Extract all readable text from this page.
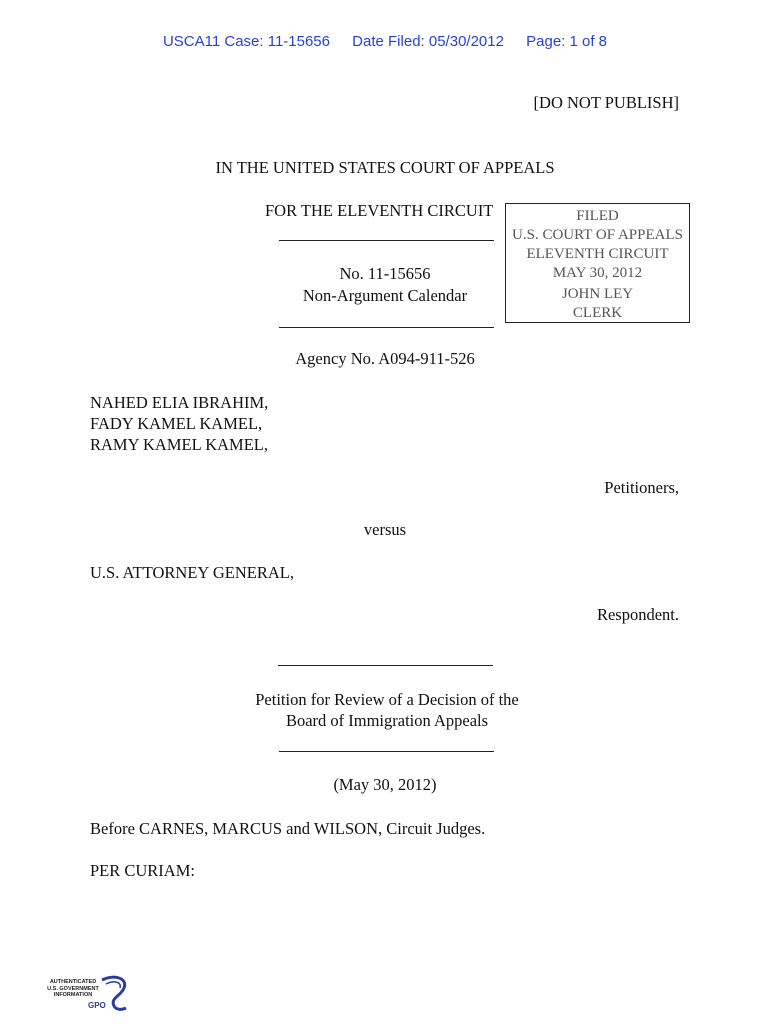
USCA11 Case: 11-15656 Date Filed: 05/30/2012 Page: 1 of 8
[DO NOT PUBLISH]
IN THE UNITED STATES COURT OF APPEALS
FOR THE ELEVENTH CIRCUIT
No. 11-15656
Non-Argument Calendar
FILED
U.S. COURT OF APPEALS
ELEVENTH CIRCUIT
MAY 30, 2012
JOHN LEY
CLERK
Agency No. A094-911-526
NAHED ELIA IBRAHIM,
FADY KAMEL KAMEL,
RAMY KAMEL KAMEL,
Petitioners,
versus
U.S. ATTORNEY GENERAL,
Respondent.
Petition for Review of a Decision of the
Board of Immigration Appeals
(May 30, 2012)
Before CARNES, MARCUS and WILSON, Circuit Judges.
PER CURIAM:
AUTHENTICATED
U.S. GOVERNMENT
INFORMATION
GPO
